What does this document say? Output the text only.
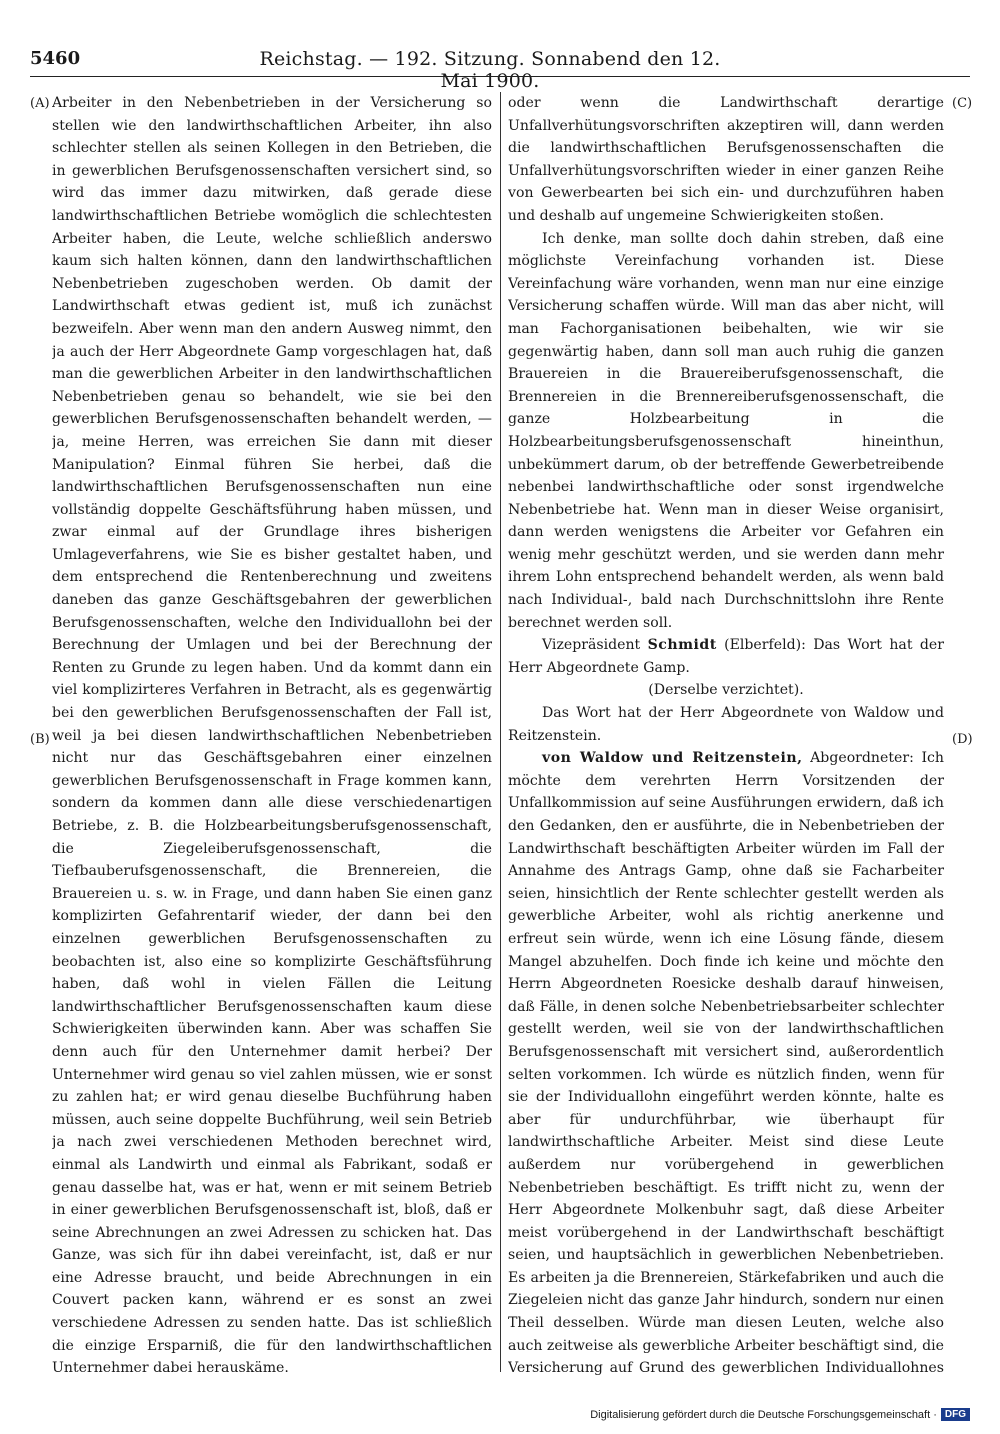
5460	Reichstag. — 192. Sitzung. Sonnabend den 12. Mai 1900.
(A)
(B)
(C)
(D)

Arbeiter in den Nebenbetrieben in der Versicherung so stellen wie den landwirthschaftlichen Arbeiter, ihn also schlechter stellen als seinen Kollegen in den Betrieben, die in gewerblichen Berufsgenossenschaften versichert sind, so wird das immer dazu mitwirken, daß gerade diese landwirthschaftlichen Betriebe womöglich die schlechtesten Arbeiter haben, die Leute, welche schließlich anderswo kaum sich halten können, dann den landwirthschaftlichen Nebenbetrieben zugeschoben werden. Ob damit der Landwirthschaft etwas gedient ist, muß ich zunächst bezweifeln. Aber wenn man den andern Ausweg nimmt, den ja auch der Herr Abgeordnete Gamp vorgeschlagen hat, daß man die gewerblichen Arbeiter in den landwirthschaftlichen Nebenbetrieben genau so behandelt, wie sie bei den gewerblichen Berufsgenossenschaften behandelt werden, — ja, meine Herren, was erreichen Sie dann mit dieser Manipulation? Einmal führen Sie herbei, daß die landwirthschaftlichen Berufsgenossenschaften nun eine vollständig doppelte Geschäftsführung haben müssen, und zwar einmal auf der Grundlage ihres bisherigen Umlageverfahrens, wie Sie es bisher gestaltet haben, und dem entsprechend die Rentenberechnung und zweitens daneben das ganze Geschäftsgebahren der gewerblichen Berufsgenossenschaften, welche den Individuallohn bei der Berechnung der Umlagen und bei der Berechnung der Renten zu Grunde zu legen haben. Und da kommt dann ein viel komplizirteres Verfahren in Betracht, als es gegenwärtig bei den gewerblichen Berufsgenossenschaften der Fall ist, weil ja bei diesen landwirthschaftlichen Nebenbetrieben nicht nur das Geschäftsgebahren einer einzelnen gewerblichen Berufsgenossenschaft in Frage kommen kann, sondern da kommen dann alle diese verschiedenartigen Betriebe, z. B. die Holzbearbeitungsberufsgenossenschaft, die Ziegeleiberufsgenossenschaft, die Tiefbauberufsgenossenschaft, die Brennereien, die Brauereien u. s. w. in Frage, und dann haben Sie einen ganz komplizirten Gefahrentarif wieder, der dann bei den einzelnen gewerblichen Berufsgenossenschaften zu beobachten ist, also eine so komplizirte Geschäftsführung haben, daß wohl in vielen Fällen die Leitung landwirthschaftlicher Berufsgenossenschaften kaum diese Schwierigkeiten überwinden kann. Aber was schaffen Sie denn auch für den Unternehmer damit herbei? Der Unternehmer wird genau so viel zahlen müssen, wie er sonst zu zahlen hat; er wird genau dieselbe Buchführung haben müssen, auch seine doppelte Buchführung, weil sein Betrieb ja nach zwei verschiedenen Methoden berechnet wird, einmal als Landwirth und einmal als Fabrikant, sodaß er genau dasselbe hat, was er hat, wenn er mit seinem Betrieb in einer gewerblichen Berufsgenossenschaft ist, bloß, daß er seine Abrechnungen an zwei Adressen zu schicken hat. Das Ganze, was sich für ihn dabei vereinfacht, ist, daß er nur eine Adresse braucht, und beide Abrechnungen in ein Couvert packen kann, während er es sonst an zwei verschiedene Adressen zu senden hatte. Das ist schließlich die einzige Ersparniß, die für den landwirthschaftlichen Unternehmer dabei herauskäme.

oder wenn die Landwirthschaft derartige Unfallverhütungsvorschriften akzeptiren will, dann werden die landwirthschaftlichen Berufsgenossenschaften die Unfallverhütungsvorschriften wieder in einer ganzen Reihe von Gewerbearten bei sich ein- und durchzuführen haben und deshalb auf ungemeine Schwierigkeiten stoßen.

Ich denke, man sollte doch dahin streben, daß eine möglichste Vereinfachung vorhanden ist. Diese Vereinfachung wäre vorhanden, wenn man nur eine einzige Versicherung schaffen würde. Will man das aber nicht, will man Fachorganisationen beibehalten, wie wir sie gegenwärtig haben, dann soll man auch ruhig die ganzen Brauereien in die Brauereiberufsgenossenschaft, die Brennereien in die Brennereiberufsgenossenschaft, die ganze Holzbearbeitung in die Holzbearbeitungsberufsgenossenschaft hineinthun, unbekümmert darum, ob der betreffende Gewerbetreibende nebenbei landwirthschaftliche oder sonst irgendwelche Nebenbetriebe hat. Wenn man in dieser Weise organisirt, dann werden wenigstens die Arbeiter vor Gefahren ein wenig mehr geschützt werden, und sie werden dann mehr ihrem Lohn entsprechend behandelt werden, als wenn bald nach Individual-, bald nach Durchschnittslohn ihre Rente berechnet werden soll.

Vizepräsident Schmidt (Elberfeld): Das Wort hat der Herr Abgeordnete Gamp.

(Derselbe verzichtet).

Das Wort hat der Herr Abgeordnete von Waldow und Reitzenstein.

von Waldow und Reitzenstein, Abgeordneter: Ich möchte dem verehrten Herrn Vorsitzenden der Unfallkommission auf seine Ausführungen erwidern, daß ich den Gedanken, den er ausführte, die in Nebenbetrieben der Landwirthschaft beschäftigten Arbeiter würden im Fall der Annahme des Antrags Gamp, ohne daß sie Facharbeiter seien, hinsichtlich der Rente schlechter gestellt werden als gewerbliche Arbeiter, wohl als richtig anerkenne und erfreut sein würde, wenn ich eine Lösung fände, diesem Mangel abzuhelfen. Doch finde ich keine und möchte den Herrn Abgeordneten Roesicke deshalb darauf hinweisen, daß Fälle, in denen solche Nebenbetriebsarbeiter schlechter gestellt werden, weil sie von der landwirthschaftlichen Berufsgenossenschaft mit versichert sind, außerordentlich selten vorkommen. Ich würde es nützlich finden, wenn für sie der Individuallohn eingeführt werden könnte, halte es aber für undurchführbar, wie überhaupt für landwirthschaftliche Arbeiter. Meist sind diese Leute außerdem nur vorübergehend in gewerblichen Nebenbetrieben beschäftigt. Es trifft nicht zu, wenn der Herr Abgeordnete Molkenbuhr sagt, daß diese Arbeiter meist vorübergehend in der Landwirthschaft beschäftigt seien, und hauptsächlich in gewerblichen Nebenbetrieben. Es arbeiten ja die Brennereien, Stärkefabriken und auch die Ziegeleien nicht das ganze Jahr hindurch, sondern nur einen Theil desselben. Würde man diesen Leuten, welche also auch zeitweise als gewerbliche Arbeiter beschäftigt sind, die Versicherung auf Grund des gewerblichen Individuallohnes

Digitalisierung gefördert durch die Deutsche Forschungsgemeinschaft · DFG
